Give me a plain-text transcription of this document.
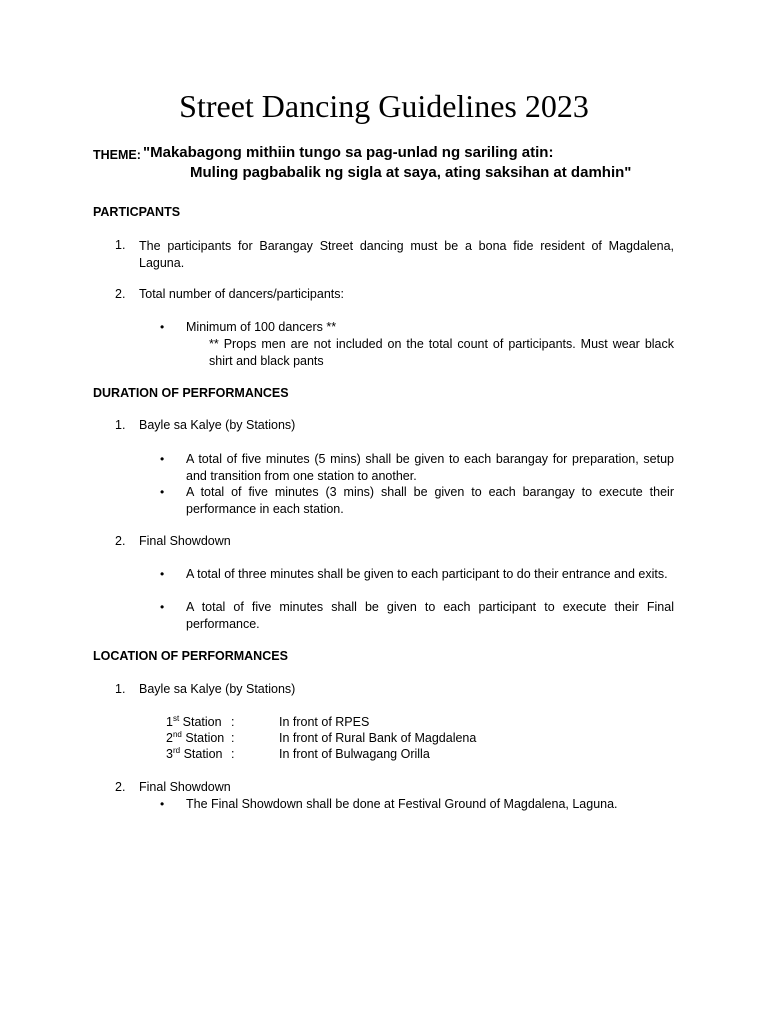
Street Dancing Guidelines 2023
THEME: "Makabagong mithiin tungo sa pag-unlad ng sariling atin:
Muling pagbabalik ng sigla at saya, ating saksihan at damhin"
PARTICPANTS
1. The participants for Barangay Street dancing must be a bona fide resident of Magdalena, Laguna.
2. Total number of dancers/participants:
• Minimum of 100 dancers **
** Props men are not included on the total count of participants. Must wear black shirt and black pants
DURATION OF PERFORMANCES
1. Bayle sa Kalye (by Stations)
• A total of five minutes (5 mins) shall be given to each barangay for preparation, setup and transition from one station to another.
• A total of five minutes (3 mins) shall be given to each barangay to execute their performance in each station.
2. Final Showdown
• A total of three minutes shall be given to each participant to do their entrance and exits.
• A total of five minutes shall be given to each participant to execute their Final performance.
LOCATION OF PERFORMANCES
1. Bayle sa Kalye (by Stations)
1st Station :	In front of RPES
2nd Station :	In front of Rural Bank of Magdalena
3rd Station :	In front of Bulwagang Orilla
2. Final Showdown
• The Final Showdown shall be done at Festival Ground of Magdalena, Laguna.
